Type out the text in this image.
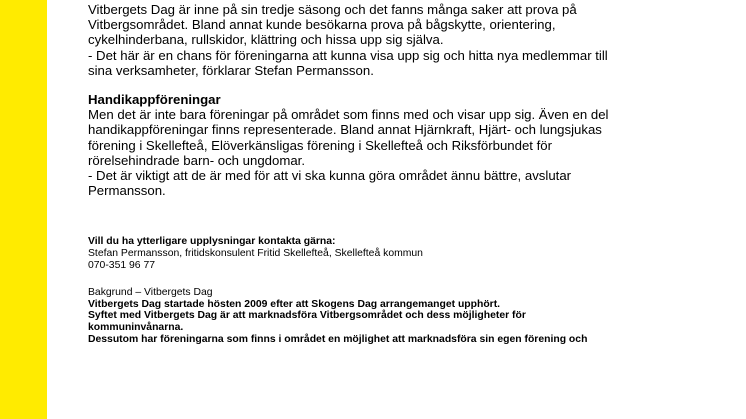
Vitbergets Dag är inne på sin tredje säsong och det fanns många saker att prova på

Vitbergsområdet. Bland annat kunde besökarna prova på bågskytte, orientering,

cykelhinderbana, rullskidor, klättring och hissa upp sig själva.

- Det här är en chans för föreningarna att kunna visa upp sig och hitta nya medlemmar till

sina verksamheter, förklarar Stefan Permansson.

Handikappföreningar

Men det är inte bara föreningar på området som finns med och visar upp sig. Även en del

handikappföreningar finns representerade. Bland annat Hjärnkraft, Hjärt- och lungsjukas

förening i Skellefteå, Elöverkänsligas förening i Skellefteå och Riksförbundet för

rörelsehindrade barn- och ungdomar.

- Det är viktigt att de är med för att vi ska kunna göra området ännu bättre, avslutar

Permansson.

Vill du ha ytterligare upplysningar kontakta gärna:

Stefan Permansson, fritidskonsulent Fritid Skellefteå, Skellefteå kommun

070-351 96 77

Bakgrund – Vitbergets Dag

Vitbergets Dag startade hösten 2009 efter att Skogens Dag arrangemanget upphört.

Syftet med Vitbergets Dag är att marknadsföra Vitbergsområdet och dess möjligheter för

kommuninvånarna.

Dessutom har föreningarna som finns i området en möjlighet att marknadsföra sin egen förening och
